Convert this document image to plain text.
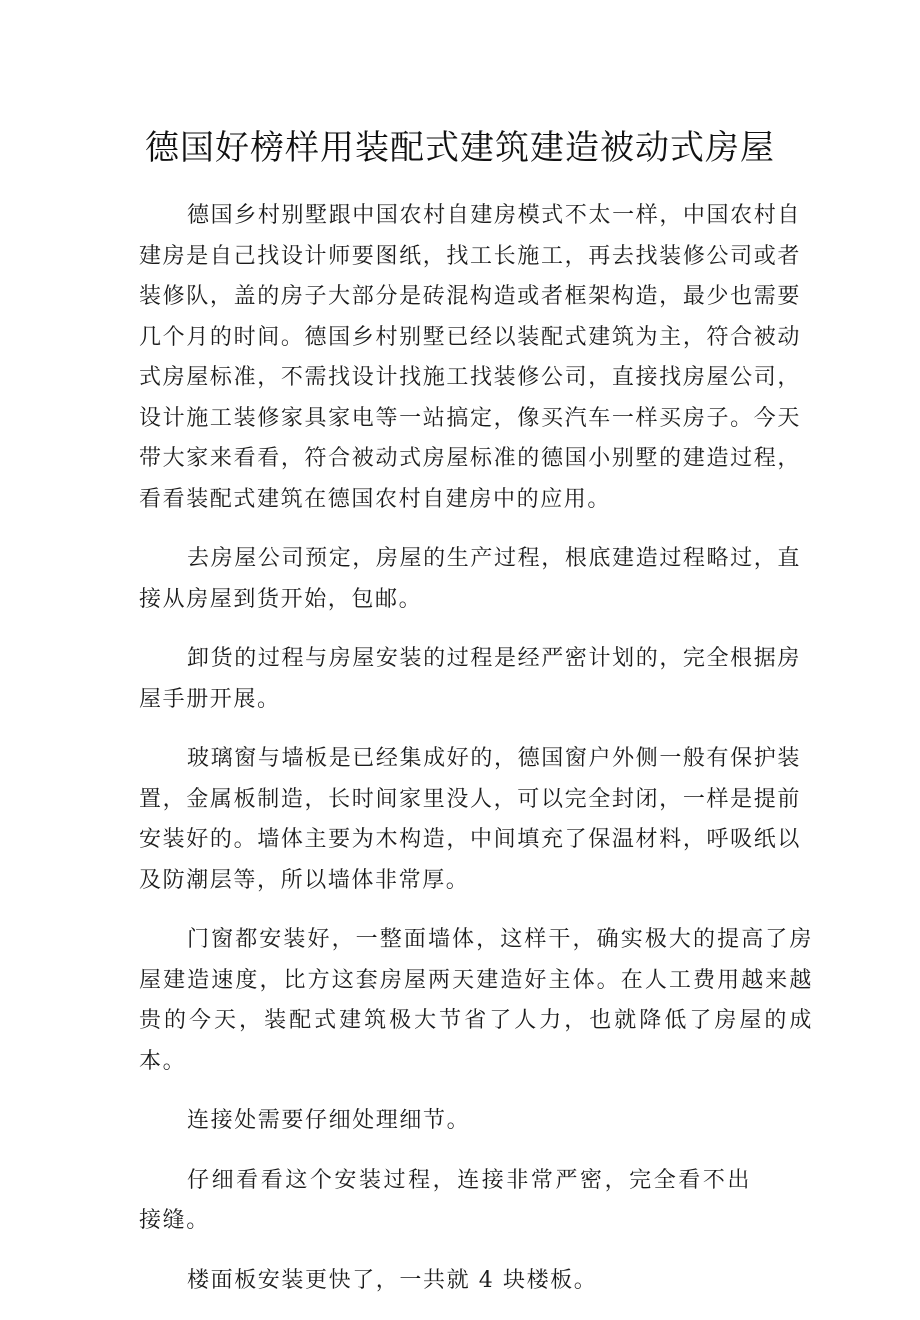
德国好榜样用装配式建筑建造被动式房屋

德国乡村别墅跟中国农村自建房模式不太一样，中国农村自建房是自己找设计师要图纸，找工长施工，再去找装修公司或者装修队，盖的房子大部分是砖混构造或者框架构造，最少也需要几个月的时间。德国乡村别墅已经以装配式建筑为主，符合被动式房屋标准，不需找设计找施工找装修公司，直接找房屋公司，设计施工装修家具家电等一站搞定，像买汽车一样买房子。今天带大家来看看，符合被动式房屋标准的德国小别墅的建造过程，看看装配式建筑在德国农村自建房中的应用。

去房屋公司预定，房屋的生产过程，根底建造过程略过，直接从房屋到货开始，包邮。

卸货的过程与房屋安装的过程是经严密计划的，完全根据房屋手册开展。

玻璃窗与墙板是已经集成好的，德国窗户外侧一般有保护装置，金属板制造，长时间家里没人，可以完全封闭，一样是提前安装好的。墙体主要为木构造，中间填充了保温材料，呼吸纸以及防潮层等，所以墙体非常厚。

门窗都安装好，一整面墙体，这样干，确实极大的提高了房屋建造速度，比方这套房屋两天建造好主体。在人工费用越来越贵的今天，装配式建筑极大节省了人力，也就降低了房屋的成本。

连接处需要仔细处理细节。

仔细看看这个安装过程，连接非常严密，完全看不出接缝。

楼面板安装更快了，一共就 4 块楼板。
